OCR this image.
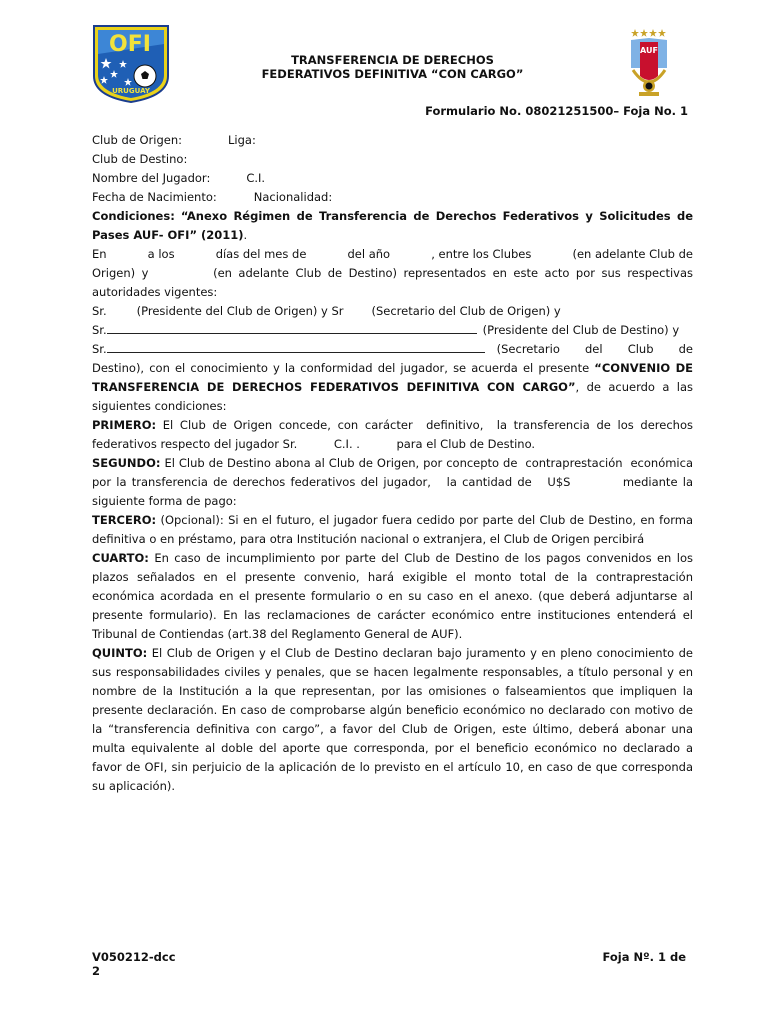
OFI
URUGUAY
AUF
TRANSFERENCIA DE DERECHOS
FEDERATIVOS DEFINITIVA “CON CARGO”
Formulario No. 08021251500– Foja No. 1

Club de Origen:	Liga:

Club de Destino:

Nombre del Jugador:	C.I.

Fecha de Nacimiento:	Nacionalidad:

Condiciones: “Anexo Régimen de Transferencia de Derechos Federativos y Solicitudes de Pases AUF- OFI” (2011).

En	a los	días del mes de	del año	, entre los Clubes	(en adelante Club de

Origen) y          (en adelante Club de Destino) representados en este acto por sus respectivas autoridades vigentes:

Sr.	(Presidente del Club de Origen) y Sr (Secretario del Club de Origen) y

Sr.	(Presidente del Club de Destino) y

Sr.	(Secretario del Club de

Destino), con el conocimiento y la conformidad del jugador, se acuerda el presente “CONVENIO DE TRANSFERENCIA DE DERECHOS FEDERATIVOS DEFINITIVA CON CARGO”, de acuerdo a las siguientes condiciones:

PRIMERO: El Club de Origen concede, con carácter  definitivo,  la transferencia de los derechos federativos respecto del jugador Sr.          C.I. .          para el Club de Destino.

SEGUNDO: El Club de Destino abona al Club de Origen, por concepto de  contraprestación  económica por la transferencia de derechos federativos del jugador,   la cantidad de   U$S          mediante la siguiente forma de pago:

TERCERO: (Opcional): Si en el futuro, el jugador fuera cedido por parte del Club de Destino, en forma definitiva o en préstamo, para otra Institución nacional o extranjera, el Club de Origen percibirá

CUARTO: En caso de incumplimiento por parte del Club de Destino de los pagos convenidos en los plazos señalados en el presente convenio, hará exigible el monto total de la contraprestación económica acordada en el presente formulario o en su caso en el anexo. (que deberá adjuntarse al presente formulario). En las reclamaciones de carácter económico entre instituciones entenderá el Tribunal de Contiendas (art.38 del Reglamento General de AUF).

QUINTO: El Club de Origen y el Club de Destino declaran bajo juramento y en pleno conocimiento de sus responsabilidades civiles y penales, que se hacen legalmente responsables, a título personal y en nombre de la Institución a la que representan, por las omisiones o falseamientos que impliquen la presente declaración. En caso de comprobarse algún beneficio económico no declarado con motivo de la “transferencia definitiva con cargo”, a favor del Club de Origen, este último, deberá abonar una multa equivalente al doble del aporte que corresponda, por el beneficio económico no declarado a favor de OFI, sin perjuicio de la aplicación de lo previsto en el artículo 10, en caso de que corresponda su aplicación).

V050212-dcc
2
Foja Nº. 1 de
